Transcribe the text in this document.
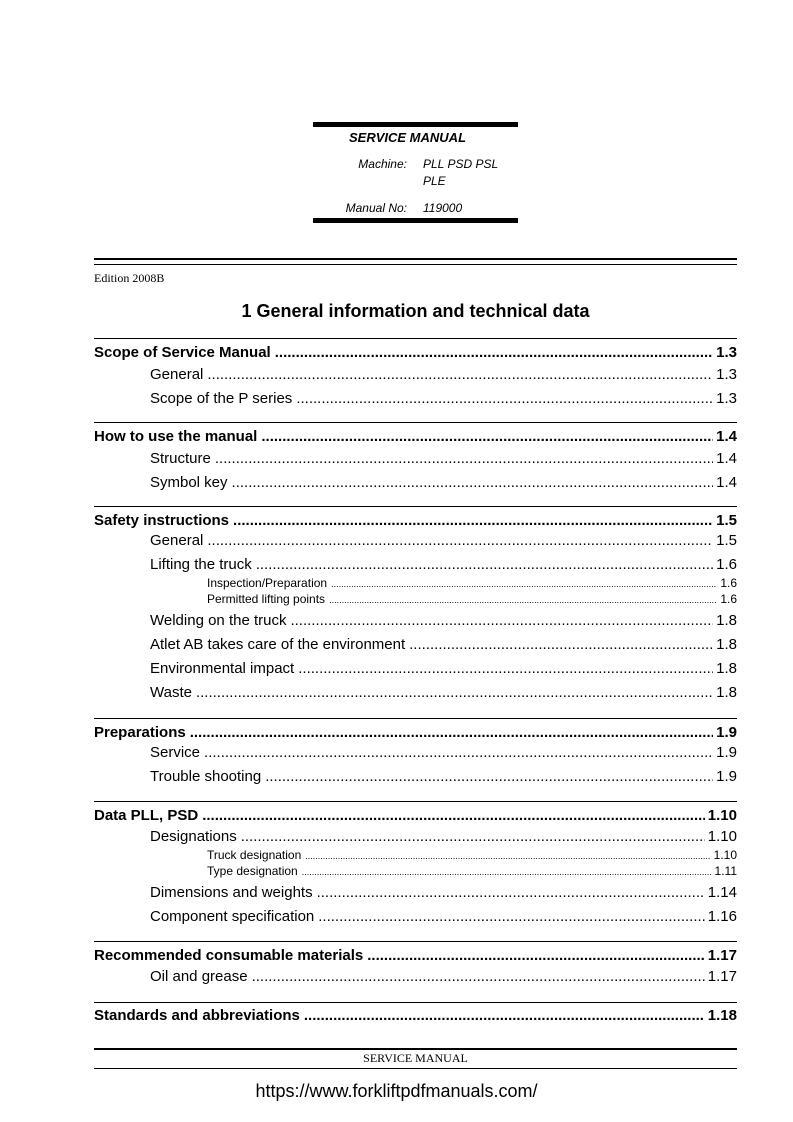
SERVICE MANUAL
Machine: PLL PSD PSL
PLE
Manual No: 119000
Edition 2008B
1 General information and technical data
Scope of Service Manual .....	1.3
General .....	1.3
Scope of the P series .....	1.3
How to use the manual .....	1.4
Structure .....	1.4
Symbol key .....	1.4
Safety instructions .....	1.5
General .....	1.5
Lifting the truck .....	1.6
Inspection/Preparation .....	1.6
Permitted lifting points .....	1.6
Welding on the truck .....	1.8
Atlet AB takes care of the environment .....	1.8
Environmental impact .....	1.8
Waste .....	1.8
Preparations .....	1.9
Service .....	1.9
Trouble shooting .....	1.9
Data PLL, PSD .....	1.10
Designations .....	1.10
Truck designation .....	1.10
Type designation .....	1.11
Dimensions and weights .....	1.14
Component specification .....	1.16
Recommended consumable materials .....	1.17
Oil and grease .....	1.17
Standards and abbreviations .....	1.18
SERVICE MANUAL
https://www.forkliftpdfmanuals.com/
